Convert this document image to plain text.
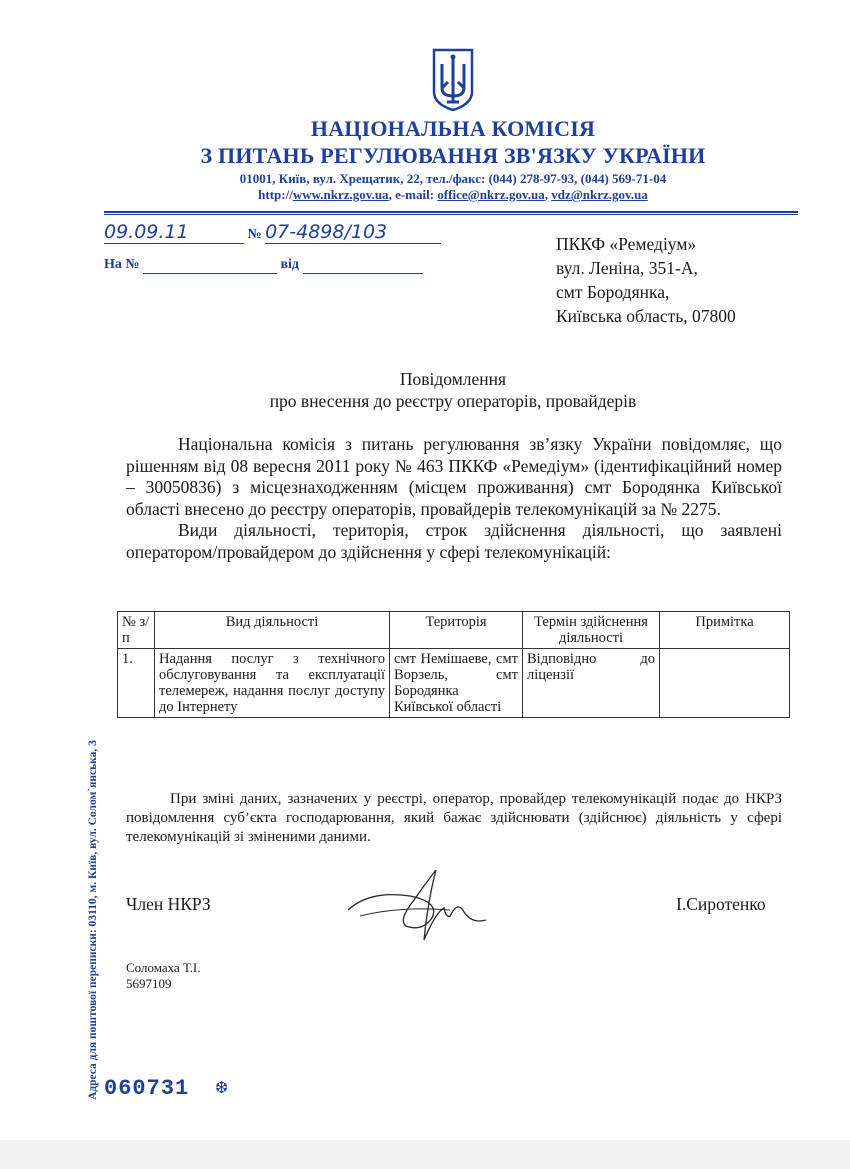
НАЦІОНАЛЬНА КОМІСІЯ
З ПИТАНЬ РЕГУЛЮВАННЯ ЗВ'ЯЗКУ УКРАЇНИ
01001, Київ, вул. Хрещатик, 22, тел./факс: (044) 278-97-93, (044) 569-71-04
http://www.nkrz.gov.ua, e-mail: office@nkrz.gov.ua, vdz@nkrz.gov.ua
09.09.11	№ 07-4898/103
На №	від
ПККФ «Ремедіум»
вул. Леніна, 351-А,
смт Бородянка,
Київська область, 07800
Повідомлення
про внесення до реєстру операторів, провайдерів

Національна комісія з питань регулювання зв’язку України повідомляє, що рішенням від 08 вересня 2011 року № 463 ПККФ «Ремедіум» (ідентифікаційний номер – 30050836) з місцезнаходженням (місцем проживання) смт Бородянка Київської області внесено до реєстру операторів, провайдерів телекомунікацій за № 2275.

Види діяльності, територія, строк здійснення діяльності, що заявлені оператором/провайдером до здійснення у сфері телекомунікацій:

№ з/п	Вид діяльності	Територія	Термін здійснення діяльності	Примітка
1.	Надання послуг з технічного обслуговування та експлуатації телемереж, надання послуг доступу до Інтернету	смт Немішаеве, смт Ворзель, смт Бородянка Київської області	Відповідно до ліцензії	

При зміні даних, зазначених у реєстрі, оператор, провайдер телекомунікацій подає до НКРЗ повідомлення суб’єкта господарювання, який бажає здійснювати (здійснює) діяльність у сфері телекомунікацій зі зміненими даними.

Член НКРЗ	І.Сиротенко
Соломаха Т.І.
5697109
Адреса для поштової переписки: 03110, м. Київ, вул. Солом`янська, 3 060731 ❆
